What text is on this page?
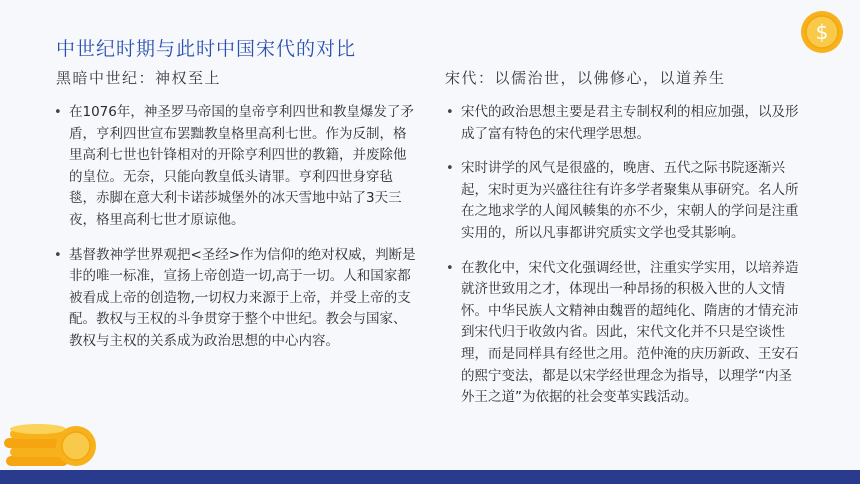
中世纪时期与此时中国宋代的对比
$
黑暗中世纪：神权至上	宋代：以儒治世，以佛修心，以道养生
• 在1076年，神圣罗马帝国的皇帝亨利四世和教皇爆发了矛盾，亨利四世宣布罢黜教皇格里高利七世。作为反制，格里高利七世也针锋相对的开除亨利四世的教籍，并废除他的皇位。无奈，只能向教皇低头请罪。亨利四世身穿毡毯，赤脚在意大利卡诺莎城堡外的冰天雪地中站了3天三夜，格里高利七世才原谅他。
• 基督教神学世界观把<圣经>作为信仰的绝对权威，判断是非的唯一标准，宣扬上帝创造一切,高于一切。人和国家都被看成上帝的创造物,一切权力来源于上帝，并受上帝的支配。教权与王权的斗争贯穿于整个中世纪。教会与国家、教权与主权的关系成为政治思想的中心内容。
• 宋代的政治思想主要是君主专制权利的相应加强，以及形成了富有特色的宋代理学思想。
• 宋时讲学的风气是很盛的，晚唐、五代之际书院逐渐兴起，宋时更为兴盛往往有许多学者聚集从事研究。名人所在之地求学的人闻风輳集的亦不少，宋朝人的学问是注重实用的，所以凡事都讲究质实文学也受其影响。
• 在教化中，宋代文化强调经世，注重实学实用，以培养造就济世致用之才，体现出一种昂扬的积极入世的人文情怀。中华民族人文精神由魏晋的超纯化、隋唐的才情充沛到宋代归于收敛内省。因此，宋代文化并不只是空谈性理，而是同样具有经世之用。范仲淹的庆历新政、王安石的熙宁变法，都是以宋学经世理念为指导，以理学“内圣外王之道”为依据的社会变革实践活动。
